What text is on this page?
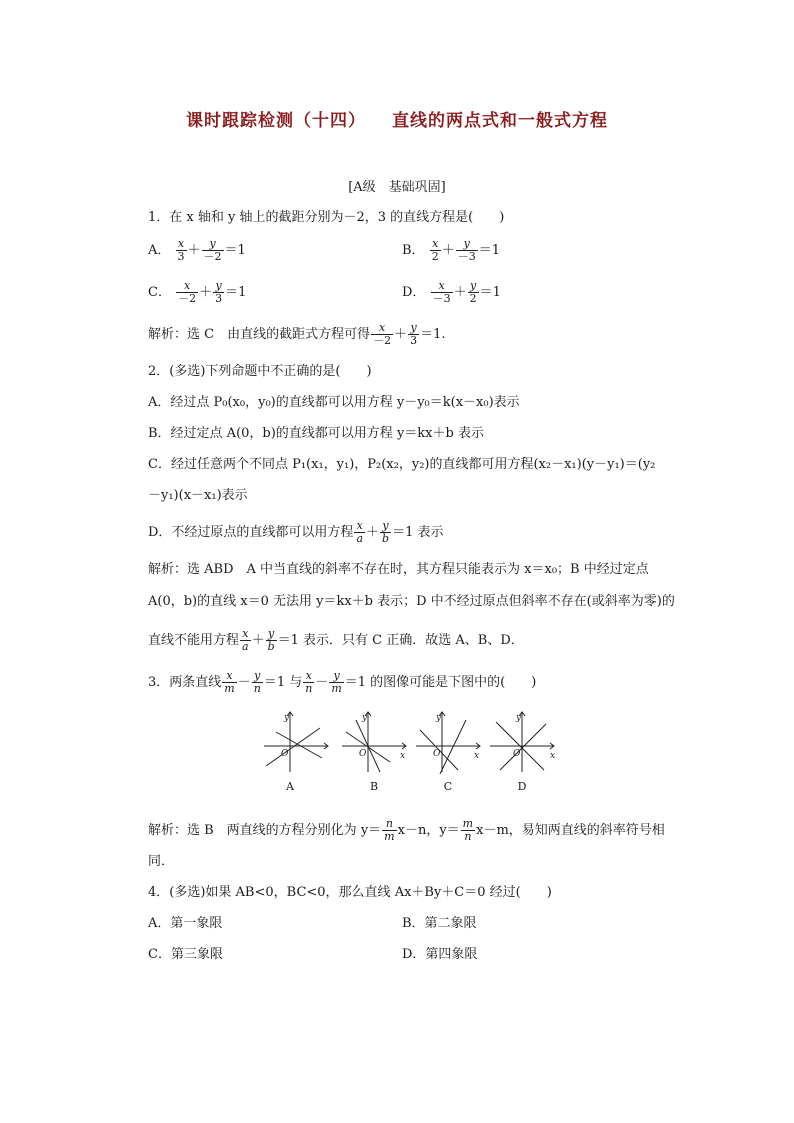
课时跟踪检测（十四） 直线的两点式和一般式方程
[A级　基础巩固]
1．在 x 轴和 y 轴上的截距分别为－2，3 的直线方程是(　　)
A． $\frac{x}{3} + \frac{y}{-2} =1$	B． $\frac{x}{2} + \frac{y}{-3} =1$
C． $\frac{x}{-2} + \frac{y}{3} =1$	D． $\frac{x}{-3} + \frac{y}{2} =1$
解析：选 C　由直线的截距式方程可得 $\frac{x}{-2} + \frac{y}{3} =1$.
2．(多选)下列命题中不正确的是(　　)
A．经过点 P₀(x₀，y₀)的直线都可以用方程 y－y₀＝k(x－x₀)表示
B．经过定点 A(0，b)的直线都可以用方程 y＝kx＋b 表示
C．经过任意两个不同点 P₁(x₁，y₁)，P₂(x₂，y₂)的直线都可用方程(x₂－x₁)(y－y₁)＝(y₂
－y₁)(x－x₁)表示
D．不经过原点的直线都可以用方程 $\frac{x}{a} + \frac{y}{b} =1$ 表示
解析：选 ABD　A 中当直线的斜率不存在时，其方程只能表示为 x＝x₀；B 中经过定点
A(0，b)的直线 x＝0 无法用 y＝kx＋b 表示；D 中不经过原点但斜率不存在(或斜率为零)的
直线不能用方程 $\frac{x}{a} + \frac{y}{b} =1$ 表示．只有 C 正确．故选 A、B、D．
3．两条直线 $\frac{x}{m} - \frac{y}{n} =1$ 与 $\frac{x}{n} - \frac{y}{m} =1$ 的图像可能是下图中的(　　)
y
O
y
O	x
y
O	x
y
O	x
A	B	C	D
解析：选 B　两直线的方程分别化为 $y= \frac{n}{m} x-n$，$y= \frac{m}{n} x-m$，易知两直线的斜率符号相
同．
4．(多选)如果 AB<0，BC<0，那么直线 Ax＋By＋C＝0 经过(　　)
A．第一象限	B．第二象限
C．第三象限	D．第四象限
